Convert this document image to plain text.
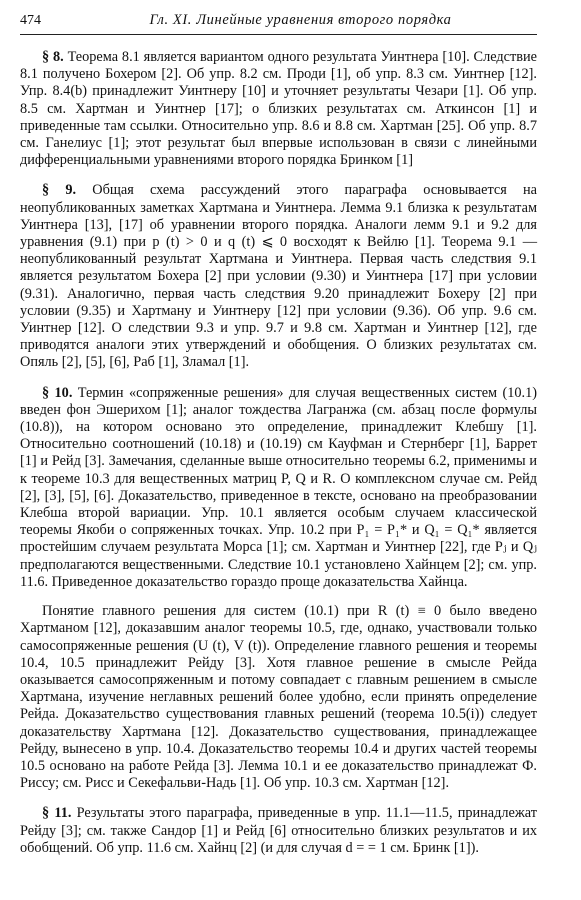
474	Гл. XI. Линейные уравнения второго порядка

§ 8. Теорема 8.1 является вариантом одного результата Уинтнера [10]. Следствие 8.1 получено Бохером [2]. Об упр. 8.2 см. Проди [1], об упр. 8.3 см. Уинтнер [12]. Упр. 8.4(b) принадлежит Уинтнеру [10] и уточняет результаты Чезари [1]. Об упр. 8.5 см. Хартман и Уинтнер [17]; о близких результатах см. Аткинсон [1] и приведенные там ссылки. Относительно упр. 8.6 и 8.8 см. Хартман [25]. Об упр. 8.7 см. Ганелиус [1]; этот результат был впервые использован в связи с линейными дифференциальными уравнениями второго порядка Бринком [1]

§ 9. Общая схема рассуждений этого параграфа основывается на неопубликованных заметках Хартмана и Уинтнера. Лемма 9.1 близка к результатам Уинтнера [13], [17] об уравнении второго порядка. Аналоги лемм 9.1 и 9.2 для уравнения (9.1) при p (t) > 0 и q (t) ⩽ 0 восходят к Вейлю [1]. Теорема 9.1 — неопубликованный результат Хартмана и Уинтнера. Первая часть следствия 9.1 является результатом Бохера [2] при условии (9.30) и Уинтнера [17] при условии (9.31). Аналогично, первая часть следствия 9.20 принадлежит Бохеру [2] при условии (9.35) и Хартману и Уинтнеру [12] при условии (9.36). Об упр. 9.6 см. Уинтнер [12]. О следствии 9.3 и упр. 9.7 и 9.8 см. Хартман и Уинтнер [12], где приводятся аналоги этих утверждений и обобщения. О близких результатах см. Опяль [2], [5], [6], Раб [1], Зламал [1].

§ 10. Термин «сопряженные решения» для случая вещественных систем (10.1) введен фон Эшерихом [1]; аналог тождества Лагранжа (см. абзац после формулы (10.8)), на котором основано это определение, принадлежит Клебшу [1]. Относительно соотношений (10.18) и (10.19) см Кауфман и Стернберг [1], Баррет [1] и Рейд [3]. Замечания, сделанные выше относительно теоремы 6.2, применимы и к теореме 10.3 для вещественных матриц P, Q и R. О комплексном случае см. Рейд [2], [3], [5], [6]. Доказательство, приведенное в тексте, основано на преобразовании Клебша второй вариации. Упр. 10.1 является особым случаем классической теоремы Якоби о сопряженных точках. Упр. 10.2 при P₁ = P₁* и Q₁ = Q₁* является простейшим случаем результата Морса [1]; см. Хартман и Уинтнер [22], где Pⱼ и Qⱼ предполагаются вещественными. Следствие 10.1 установлено Хайнцем [2]; см. упр. 11.6. Приведенное доказательство гораздо проще доказательства Хайнца.

Понятие главного решения для систем (10.1) при R (t) ≡ 0 было введено Хартманом [12], доказавшим аналог теоремы 10.5, где, однако, участвовали только самосопряженные решения (U (t), V (t)). Определение главного решения и теоремы 10.4, 10.5 принадлежит Рейду [3]. Хотя главное решение в смысле Рейда оказывается самосопряженным и потому совпадает с главным решением в смысле Хартмана, изучение неглавных решений более удобно, если принять определение Рейда. Доказательство существования главных решений (теорема 10.5(i)) следует доказательству Хартмана [12]. Доказательство существования, принадлежащее Рейду, вынесено в упр. 10.4. Доказательство теоремы 10.4 и других частей теоремы 10.5 основано на работе Рейда [3]. Лемма 10.1 и ее доказательство принадлежат Ф. Риссу; см. Рисс и Секефальви-Надь [1]. Об упр. 10.3 см. Хартман [12].

§ 11. Результаты этого параграфа, приведенные в упр. 11.1—11.5, принадлежат Рейду [3]; см. также Сандор [1] и Рейд [6] относительно близких результатов и их обобщений. Об упр. 11.6 см. Хайнц [2] (и для случая d = = 1 см. Бринк [1]).
